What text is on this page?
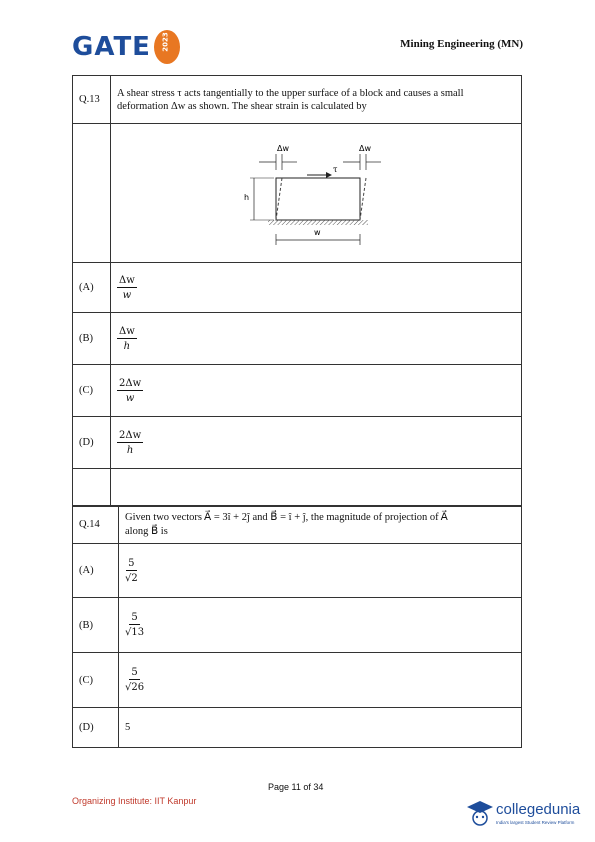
GATE 2023	Mining Engineering (MN)
Q.13	A shear stress τ acts tangentially to the upper surface of a block and causes a small deformation Δw as shown. The shear strain is calculated by

τ
Δw Δw
h
w

(A)	$\frac{\Delta w}{w}$

(B)	$\frac{\Delta w}{h}$

(C)	$\frac{2\Delta w}{w}$

(D)	$\frac{2\Delta w}{h}$

Q.14	Given two vectors A⃗ = 3î + 2ĵ and B⃗ = î + ĵ, the magnitude of projection of A⃗
along B⃗ is

(A)	$\frac{5}{√2}$

(B)	$\frac{5}{√13}$

(C)	$\frac{5}{√26}$

(D)	5
Page 11 of 34
Organizing Institute: IIT Kanpur	collegedunia
India's largest Student Review Platform
